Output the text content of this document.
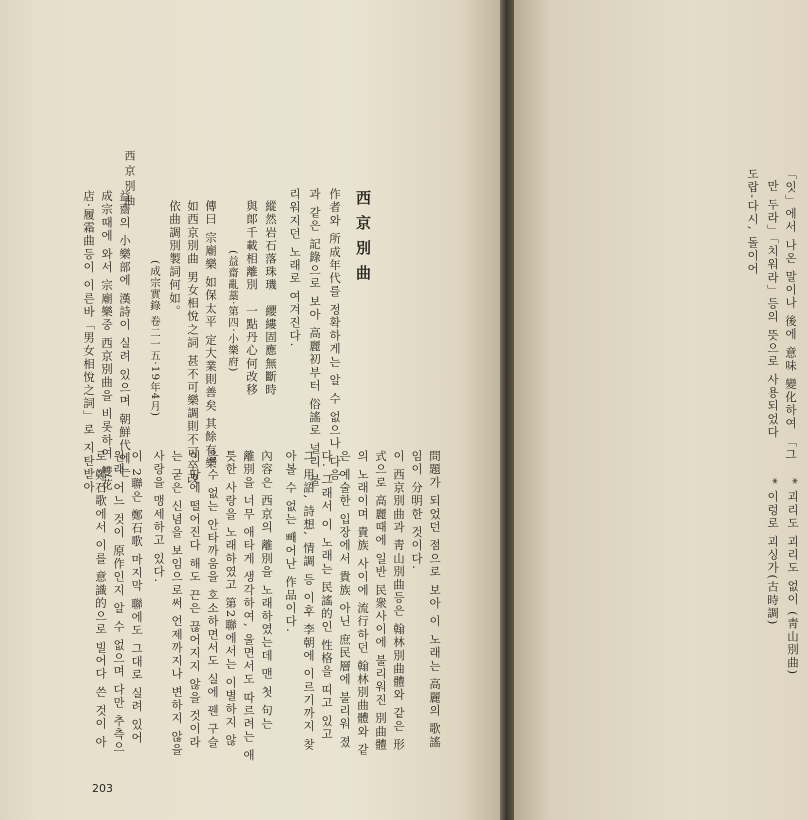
西京別曲
西京別曲
作者와 所成年代를 정확하게는 알 수 없으나 다음
과 같은 記錄으로 보아 高麗初부터 俗謠로 널리 불
리워지던 노래로 여겨진다.
縱然岩石落珠璣　纓縷固應無斷時
與郞千載相離別　一點丹心何改移
(益齋亂藁·第四·小樂府)
傳曰 宗廟樂 如保太平 定大業則善矣 其餘有樂
如西京別曲 男女相悅之詞 甚不可樂調則不可卒改
依曲調別製詞何如。
(成宗實錄 卷二一五·19年4月)
益齋의 小樂部에 漢詩이 실려 있으며 朝鮮代에는
成宗때에 와서 宗廟樂중 西京別曲을 비롯하여 雙花
店·履霜曲등이 이른바「男女相悅之詞」로 지탄받아
問題가 되었던 점으로 보아 이 노래는 高麗의 歌謠
임이 分明한 것이다.
이 西京別曲과 靑山別曲등은 翰林別曲體와 같은 形
式으로 高麗때에 일반 民衆사이에 불리워진 別曲體
의 노래이며 貴族 사이에 流行하던 翰林別曲體와 같
은 예술한 입장에서 貴族 아닌 庶民層에 불리워 졌
다. 그래서 이 노래는 民謠的인 性格을 띠고 있고
그 用語, 詩想, 情調 등 이후 李朝에 이르기까지 찾
아볼 수 없는 빼어난 作品이다.
內容은 西京의 離別을 노래하였는데 맨 첫 句는
離別을 너무 애타게 생각하여, 울면서도 따르려는 애
틋한 사랑을 노래하였고 第2聯에서는 이별하지 않
을 수 없는 안타까움을 호소하면서도 실에 꿴 구슬
이 땅에 떨어진다 해도 끈은 끊어지지 않을 것이라
는 굳은 신념을 보임으로써 언제까지나 변하지 않을
사랑을 맹세하고 있다.
이 2聯은 鄭石歌 마지막 聯에도 그대로 실려 있어
원래 어느 것이 原作인지 알 수 없으며 다만 추측으
로 鄭石歌에서 이를 意識的으로 빌어다 쓴 것이 아
203
「잇」에서 나온 말이나 後에 意味 變化하여 「그
만 두라」「치워라」등의 뜻으로 사용되었다
도랍-다시, 돌이어
* 괴리도 괴리도 없이 (靑山別曲)
* 이렁로 괴싱가(古時調)
